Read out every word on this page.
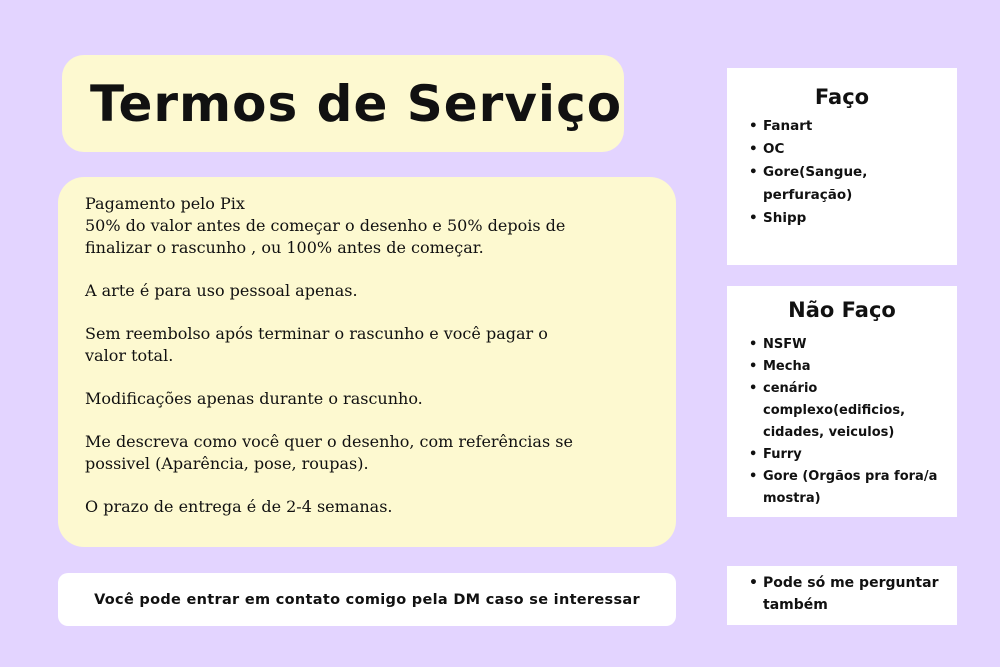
Termos de Serviço

Pagamento pelo Pix
50% do valor antes de começar o desenho e 50% depois de finalizar o rascunho , ou 100% antes de começar.

A arte é para uso pessoal apenas.

Sem reembolso após terminar o rascunho e você pagar o valor total.

Modificações apenas durante o rascunho.

Me descreva como você quer o desenho, com referências se possivel (Aparência, pose, roupas).

O prazo de entrega é de 2-4 semanas.

Você pode entrar em contato comigo pela DM caso se interessar
Faço
• Fanart
• OC
• Gore(Sangue, perfuração)
• Shipp
Não Faço
• NSFW
• Mecha
• cenário complexo(edificios, cidades, veiculos)
• Furry
• Gore (Orgãos pra fora/a mostra)
• Pode só me perguntar também
